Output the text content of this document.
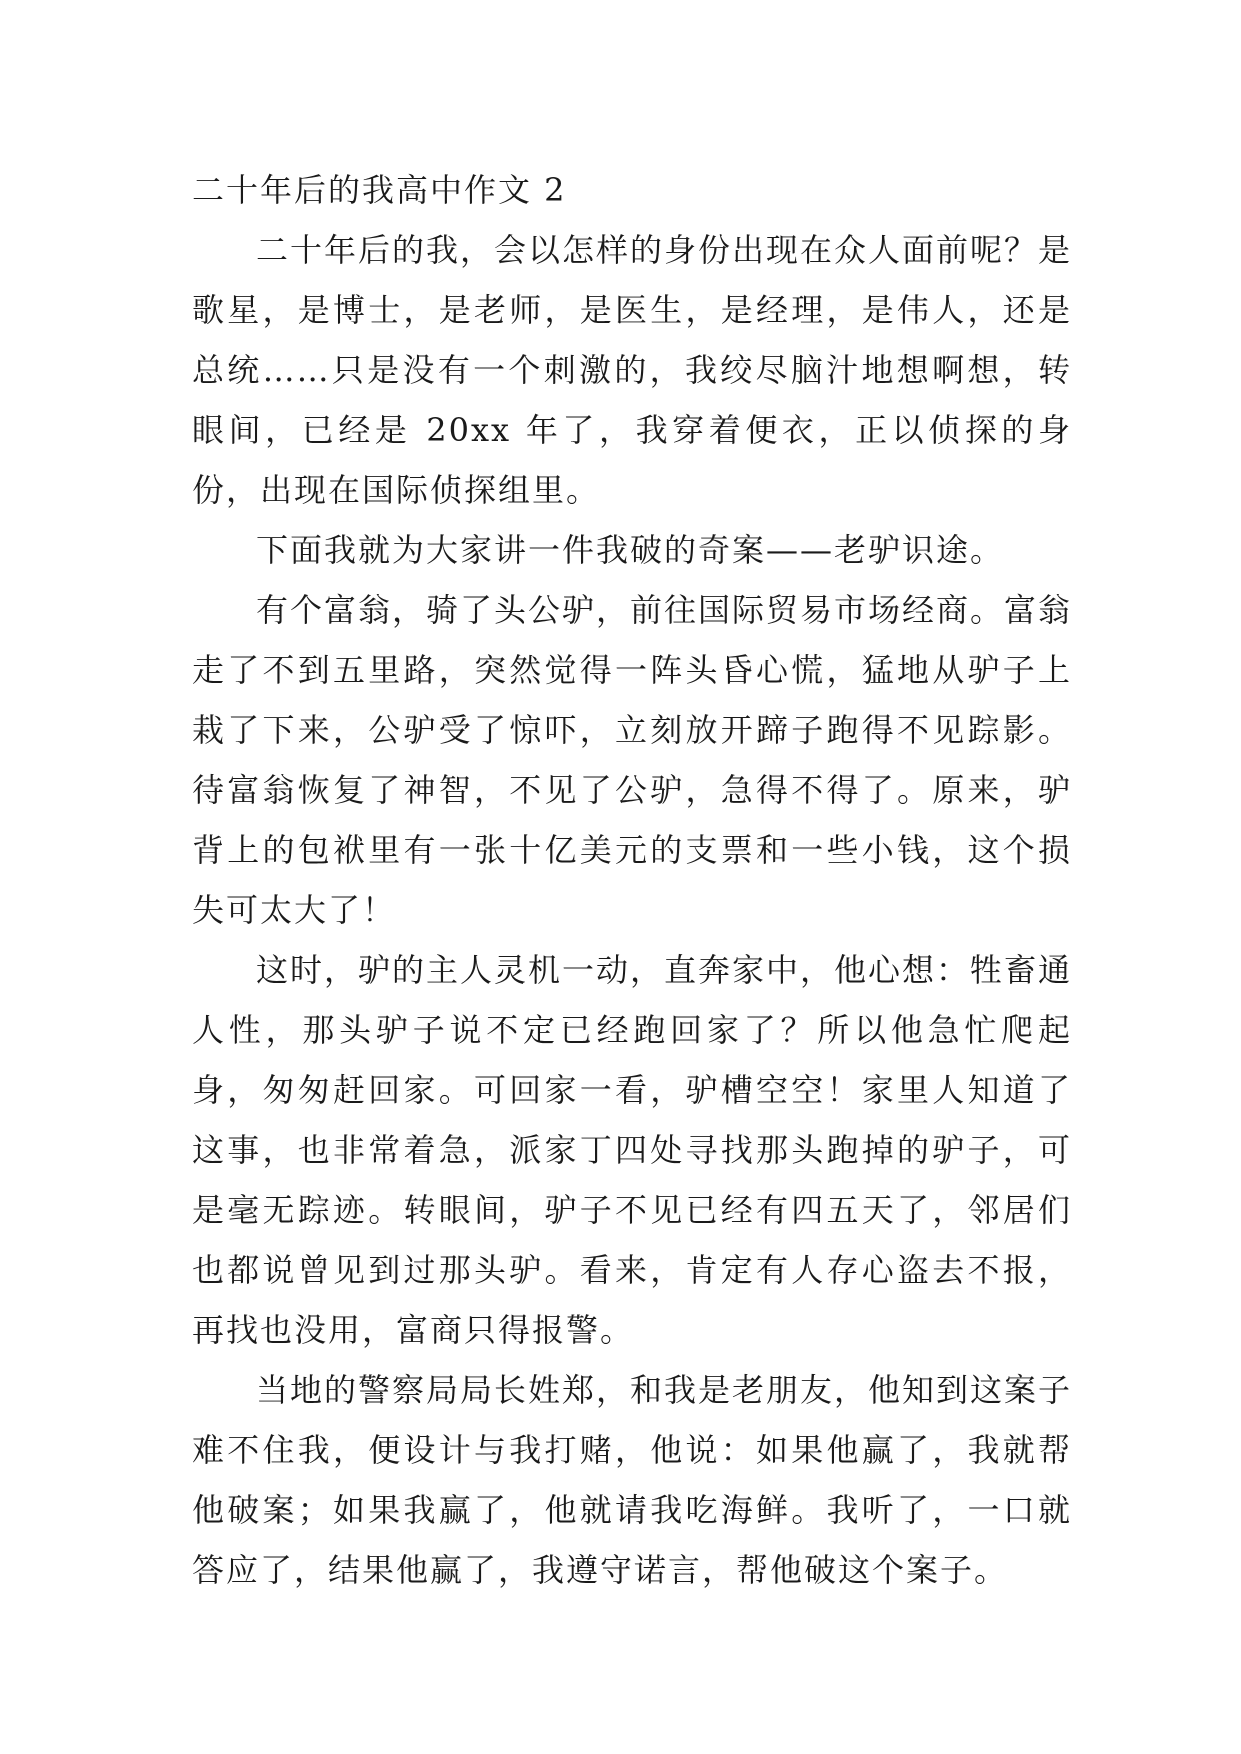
二十年后的我高中作文 2

二十年后的我，会以怎样的身份出现在众人面前呢？是歌星，是博士，是老师，是医生，是经理，是伟人，还是总统……只是没有一个刺激的，我绞尽脑汁地想啊想，转眼间，已经是 20xx 年了，我穿着便衣，正以侦探的身份，出现在国际侦探组里。

下面我就为大家讲一件我破的奇案——老驴识途。

有个富翁，骑了头公驴，前往国际贸易市场经商。富翁走了不到五里路，突然觉得一阵头昏心慌，猛地从驴子上栽了下来，公驴受了惊吓，立刻放开蹄子跑得不见踪影。待富翁恢复了神智，不见了公驴，急得不得了。原来，驴背上的包袱里有一张十亿美元的支票和一些小钱，这个损失可太大了！

这时，驴的主人灵机一动，直奔家中，他心想：牲畜通人性，那头驴子说不定已经跑回家了？所以他急忙爬起身，匆匆赶回家。可回家一看，驴槽空空！家里人知道了这事，也非常着急，派家丁四处寻找那头跑掉的驴子，可是毫无踪迹。转眼间，驴子不见已经有四五天了，邻居们也都说曾见到过那头驴。看来，肯定有人存心盗去不报，再找也没用，富商只得报警。

当地的警察局局长姓郑，和我是老朋友，他知到这案子难不住我，便设计与我打赌，他说：如果他赢了，我就帮他破案；如果我赢了，他就请我吃海鲜。我听了，一口就答应了，结果他赢了，我遵守诺言，帮他破这个案子。
